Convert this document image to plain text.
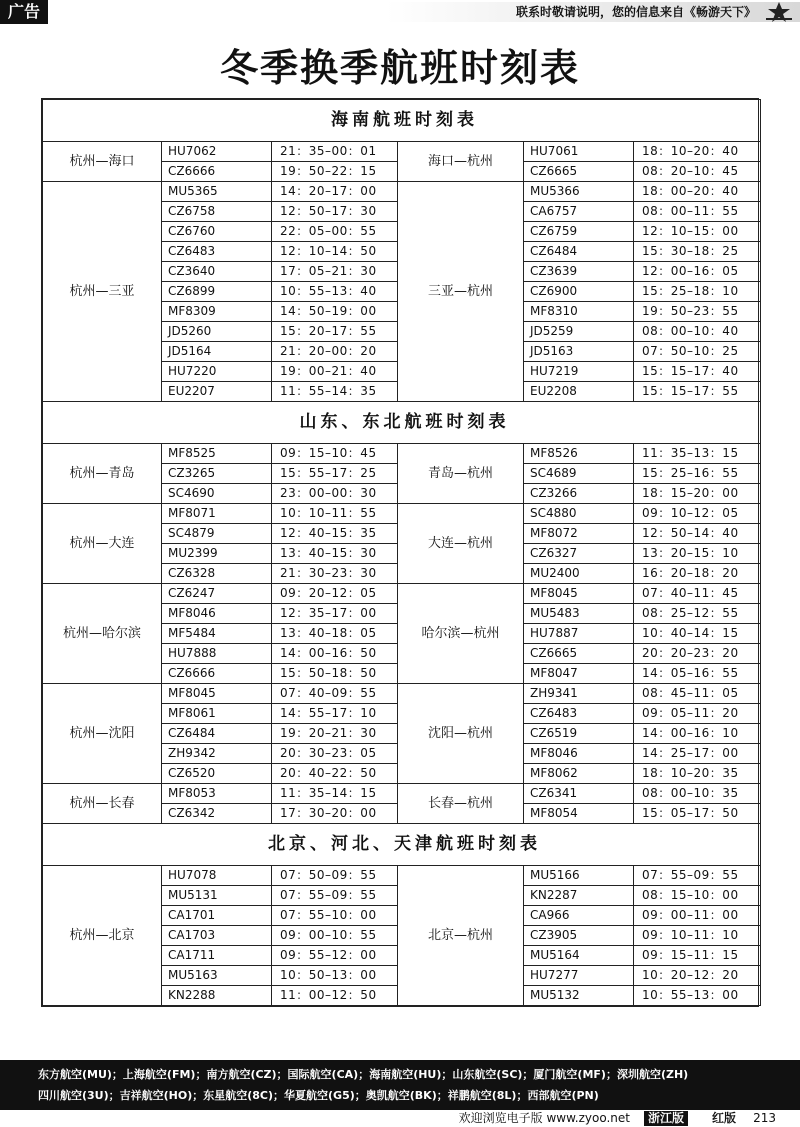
广告	联系时敬请说明，您的信息来自《畅游天下》
冬季换季航班时刻表
海南航班时刻表					
杭州—海口	HU7062	21：35–00：01	海口—杭州	HU7061	18：10–20：40
	CZ6666	19：50–22：15		CZ6665	08：20–10：45
杭州—三亚	MU5365	14：20–17：00	三亚—杭州	MU5366	18：00–20：40
	CZ6758	12：50–17：30		CA6757	08：00–11：55
	CZ6760	22：05–00：55		CZ6759	12：10–15：00
	CZ6483	12：10–14：50		CZ6484	15：30–18：25
	CZ3640	17：05–21：30		CZ3639	12：00–16：05
	CZ6899	10：55–13：40		CZ6900	15：25–18：10
	MF8309	14：50–19：00		MF8310	19：50–23：55
	JD5260	15：20–17：55		JD5259	08：00–10：40
	JD5164	21：20–00：20		JD5163	07：50–10：25
	HU7220	19：00–21：40		HU7219	15：15–17：40
	EU2207	11：55–14：35		EU2208	15：15–17：55
山东、东北航班时刻表					
杭州—青岛	MF8525	09：15–10：45	青岛—杭州	MF8526	11：35–13：15
	CZ3265	15：55–17：25		SC4689	15：25–16：55
	SC4690	23：00–00：30		CZ3266	18：15–20：00
杭州—大连	MF8071	10：10–11：55	大连—杭州	SC4880	09：10–12：05
	SC4879	12：40–15：35		MF8072	12：50–14：40
	MU2399	13：40–15：30		CZ6327	13：20–15：10
	CZ6328	21：30–23：30		MU2400	16：20–18：20
杭州—哈尔滨	CZ6247	09：20–12：05	哈尔滨—杭州	MF8045	07：40–11：45
	MF8046	12：35–17：00		MU5483	08：25–12：55
	MF5484	13：40–18：05		HU7887	10：40–14：15
	HU7888	14：00–16：50		CZ6665	20：20–23：20
	CZ6666	15：50–18：50		MF8047	14：05–16：55
杭州—沈阳	MF8045	07：40–09：55	沈阳—杭州	ZH9341	08：45–11：05
	MF8061	14：55–17：10		CZ6483	09：05–11：20
	CZ6484	19：20–21：30		CZ6519	14：00–16：10
	ZH9342	20：30–23：05		MF8046	14：25–17：00
	CZ6520	20：40–22：50		MF8062	18：10–20：35
杭州—长春	MF8053	11：35–14：15	长春—杭州	CZ6341	08：00–10：35
	CZ6342	17：30–20：00		MF8054	15：05–17：50
北京、河北、天津航班时刻表					
杭州—北京	HU7078	07：50–09：55	北京—杭州	MU5166	07：55–09：55
	MU5131	07：55–09：55		KN2287	08：15–10：00
	CA1701	07：55–10：00		CA966	09：00–11：00
	CA1703	09：00–10：55		CZ3905	09：10–11：10
	CA1711	09：55–12：00		MU5164	09：15–11：15
	MU5163	10：50–13：00		HU7277	10：20–12：20
	KN2288	11：00–12：50		MU5132	10：55–13：00
东方航空(MU)；上海航空(FM)；南方航空(CZ)；国际航空(CA)；海南航空(HU)；山东航空(SC)；厦门航空(MF)；深圳航空(ZH)
四川航空(3U)；吉祥航空(HO)；东星航空(8C)；华夏航空(G5)；奥凯航空(BK)；祥鹏航空(8L)；西部航空(PN)
欢迎浏览电子版 www.zyoo.net	浙江版	红版 213
